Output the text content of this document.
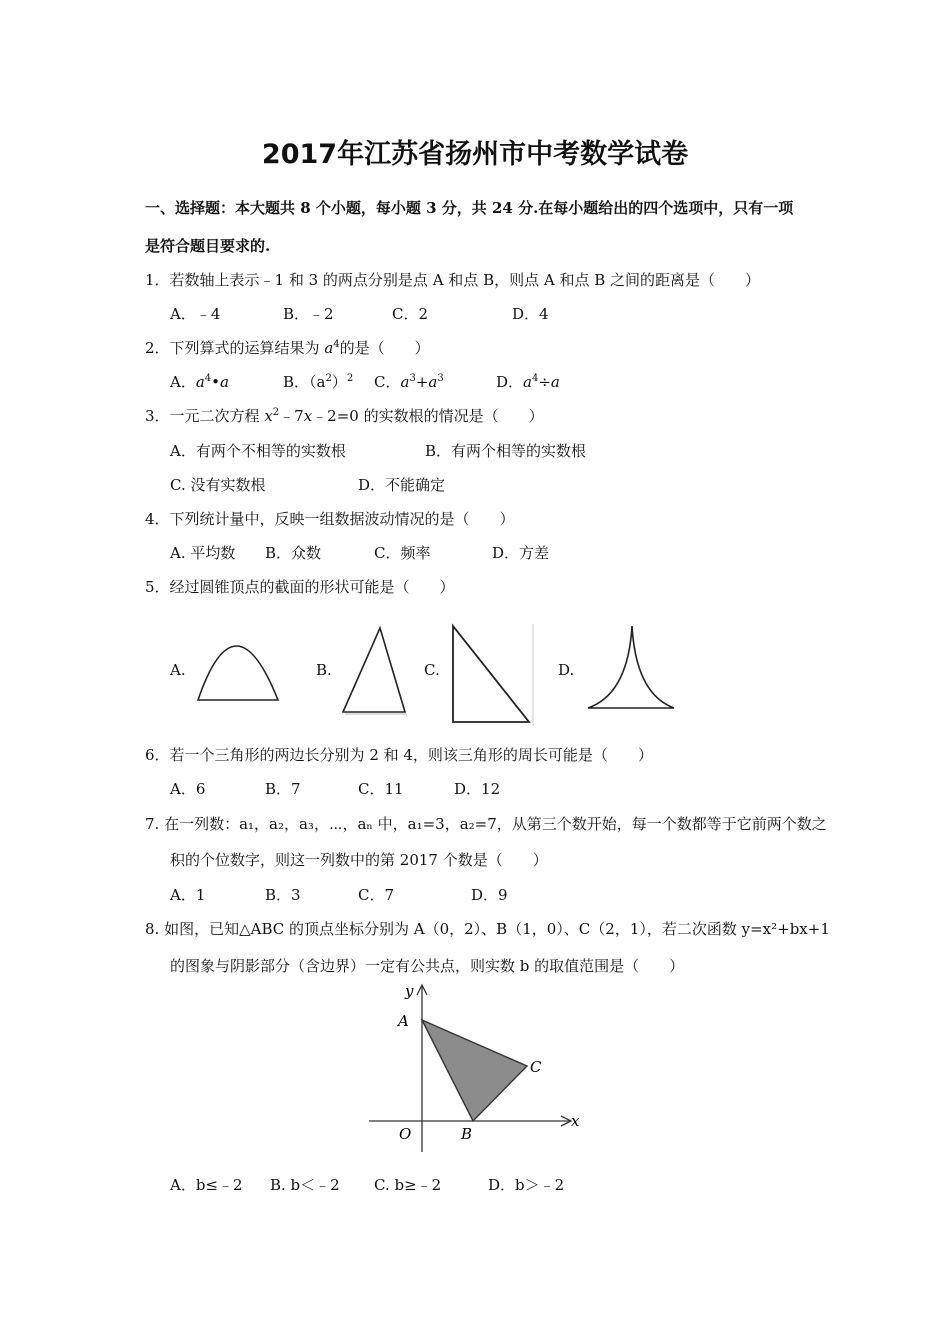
2017年江苏省扬州市中考数学试卷
一、选择题：本大题共 8 个小题，每小题 3 分，共 24 分.在每小题给出的四个选项中，只有一项
是符合题目要求的.
1．若数轴上表示﹣1 和 3 的两点分别是点 A 和点 B，则点 A 和点 B 之间的距离是（　　）
A．﹣4	B．﹣2	C．2	D．4
2．下列算式的运算结果为 $a^4$的是（　　）
A．$a^4•a$	B．$(a^2)^2$ C．$a^3+a^3$	D．$a^4\div a$
3．一元二次方程 $x^2﹣7x﹣2=0$ 的实数根的情况是（　　）
A．有两个不相等的实数根	B．有两个相等的实数根
C. 没有实数根	D．不能确定
4．下列统计量中，反映一组数据波动情况的是（　　）
A. 平均数 B．众数	C．频率	D．方差
5．经过圆锥顶点的截面的形状可能是（　　）
A.	B.	C.	D.
6．若一个三角形的两边长分别为 2 和 4，则该三角形的周长可能是（　　）
A．6	B．7	C．11	D．12
7. 在一列数：a₁，a₂，a₃，⋯，aₙ 中，a₁=3，a₂=7，从第三个数开始，每一个数都等于它前两个数之
积的个位数字，则这一列数中的第 2017 个数是（　　）
A．1	B．3	C．7	D．9
8. 如图，已知△ABC 的顶点坐标分别为 A（0，2）、B（1，0）、C（2，1），若二次函数 y=x²+bx+1
的图象与阴影部分（含边界）一定有公共点，则实数 b 的取值范围是（　　）
y
x
O
A
B
C
A．b≤﹣2 B. b＜﹣2 C. b≥﹣2	D．b＞﹣2
